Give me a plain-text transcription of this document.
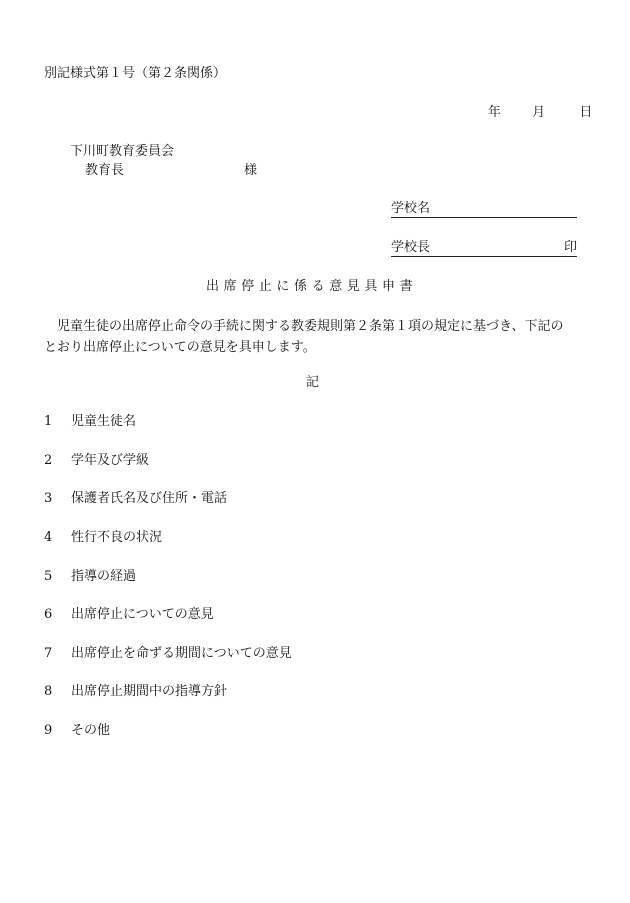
別記様式第１号（第２条関係）
年 月	日
下川町教育委員会
教育長	様
学校名
学校長	印
出席停止に係る意見具申書
　児童生徒の出席停止命令の手続に関する教委規則第２条第１項の規定に基づき、下記の
とおり出席停止についての意見を具申します。
記
1 児童生徒名
2 学年及び学級
3 保護者氏名及び住所・電話
4 性行不良の状況
5 指導の経過
6 出席停止についての意見
7 出席停止を命ずる期間についての意見
8 出席停止期間中の指導方針
9 その他
